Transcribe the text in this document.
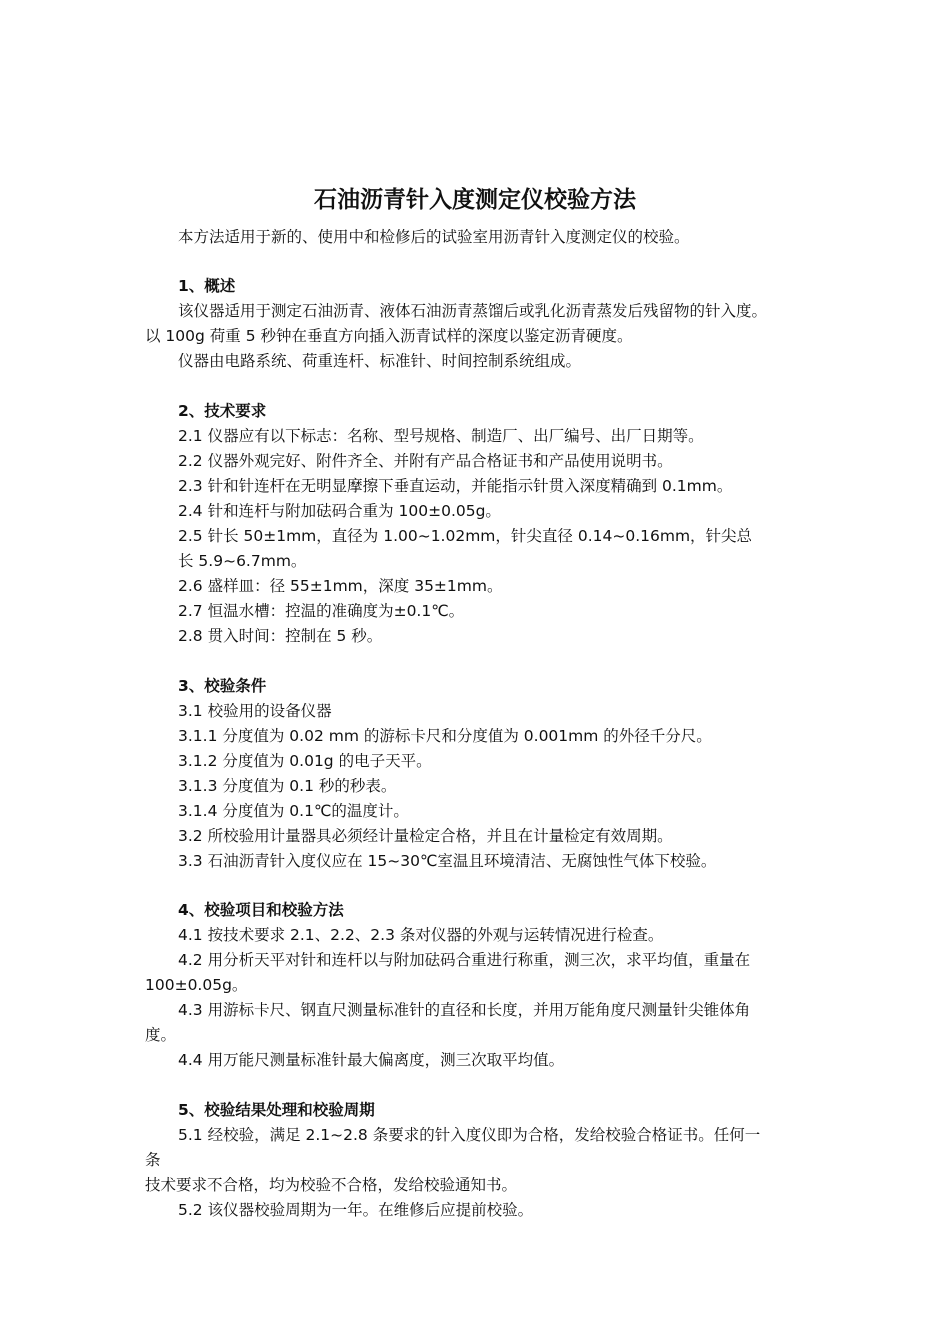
石油沥青针入度测定仪校验方法

本方法适用于新的、使用中和检修后的试验室用沥青针入度测定仪的校验。

1、概述

该仪器适用于测定石油沥青、液体石油沥青蒸馏后或乳化沥青蒸发后残留物的针入度。

以 100g 荷重 5 秒钟在垂直方向插入沥青试样的深度以鉴定沥青硬度。

仪器由电路系统、荷重连杆、标准针、时间控制系统组成。

2、技术要求

2.1 仪器应有以下标志：名称、型号规格、制造厂、出厂编号、出厂日期等。

2.2 仪器外观完好、附件齐全、并附有产品合格证书和产品使用说明书。

2.3 针和针连杆在无明显摩擦下垂直运动，并能指示针贯入深度精确到 0.1mm。

2.4 针和连杆与附加砝码合重为 100±0.05g。

2.5 针长 50±1mm，直径为 1.00~1.02mm，针尖直径 0.14~0.16mm，针尖总

长 5.9~6.7mm。

2.6 盛样皿：径 55±1mm，深度 35±1mm。

2.7 恒温水槽：控温的准确度为±0.1℃。

2.8 贯入时间：控制在 5 秒。

3、校验条件

3.1 校验用的设备仪器

3.1.1 分度值为 0.02 mm 的游标卡尺和分度值为 0.001mm 的外径千分尺。

3.1.2 分度值为 0.01g 的电子天平。

3.1.3 分度值为 0.1 秒的秒表。

3.1.4 分度值为 0.1℃的温度计。

3.2 所校验用计量器具必须经计量检定合格，并且在计量检定有效周期。

3.3 石油沥青针入度仪应在 15~30℃室温且环境清洁、无腐蚀性气体下校验。

4、校验项目和校验方法

4.1 按技术要求 2.1、2.2、2.3 条对仪器的外观与运转情况进行检查。

4.2 用分析天平对针和连杆以与附加砝码合重进行称重，测三次，求平均值，重量在

100±0.05g。

4.3 用游标卡尺、钢直尺测量标准针的直径和长度，并用万能角度尺测量针尖锥体角

度。

4.4 用万能尺测量标准针最大偏离度，测三次取平均值。

5、校验结果处理和校验周期

5.1 经校验，满足 2.1~2.8 条要求的针入度仪即为合格，发给校验合格证书。任何一

条

技术要求不合格，均为校验不合格，发给校验通知书。

5.2 该仪器校验周期为一年。在维修后应提前校验。
